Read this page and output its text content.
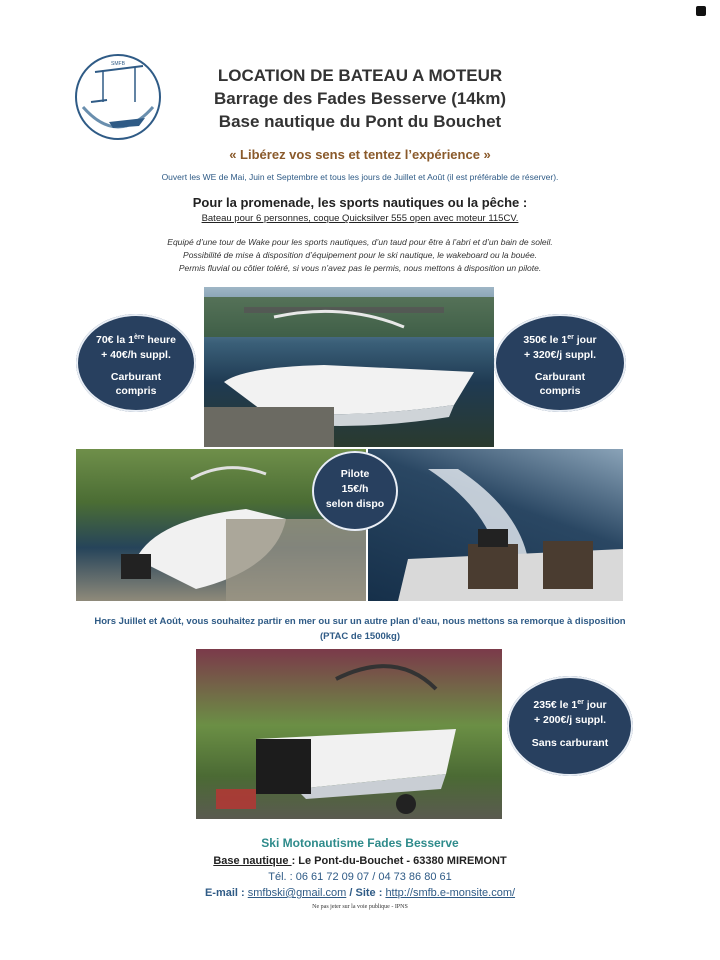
SMFB
LOCATION DE BATEAU A MOTEUR
Barrage des Fades Besserve (14km)
Base nautique du Pont du Bouchet
« Libérez vos sens et tentez l’expérience »
Ouvert les WE de Mai, Juin et Septembre et tous les jours de Juillet et Août (il est préférable de réserver).
Pour la promenade, les sports nautiques ou la pêche :
Bateau pour 6 personnes, coque Quicksilver 555 open avec moteur 115CV.
Equipé d’une tour de Wake pour les sports nautiques, d’un taud pour être à l’abri et d’un bain de soleil.
Possibilité de mise à disposition d’équipement pour le ski nautique, le wakeboard ou la bouée.
Permis fluvial ou côtier toléré, si vous n’avez pas le permis, nous mettons à disposition un pilote.
70€ la 1ère heure
+ 40€/h suppl.
Carburant
compris
350€ le 1er jour
+ 320€/j suppl.
Carburant
compris
Pilote
15€/h
selon dispo
235€ le 1er jour
+ 200€/j suppl.
Sans carburant
Hors Juillet et Août, vous souhaitez partir en mer ou sur un autre plan d’eau, nous mettons sa remorque à disposition (PTAC de 1500kg)
Ski Motonautisme Fades Besserve
Base nautique : Le Pont-du-Bouchet - 63380 MIREMONT
Tél. : 06 61 72 09 07 / 04 73 86 80 61
E-mail : smfbski@gmail.com / Site : http://smfb.e-monsite.com/
Ne pas jeter sur la voie publique - IPNS
